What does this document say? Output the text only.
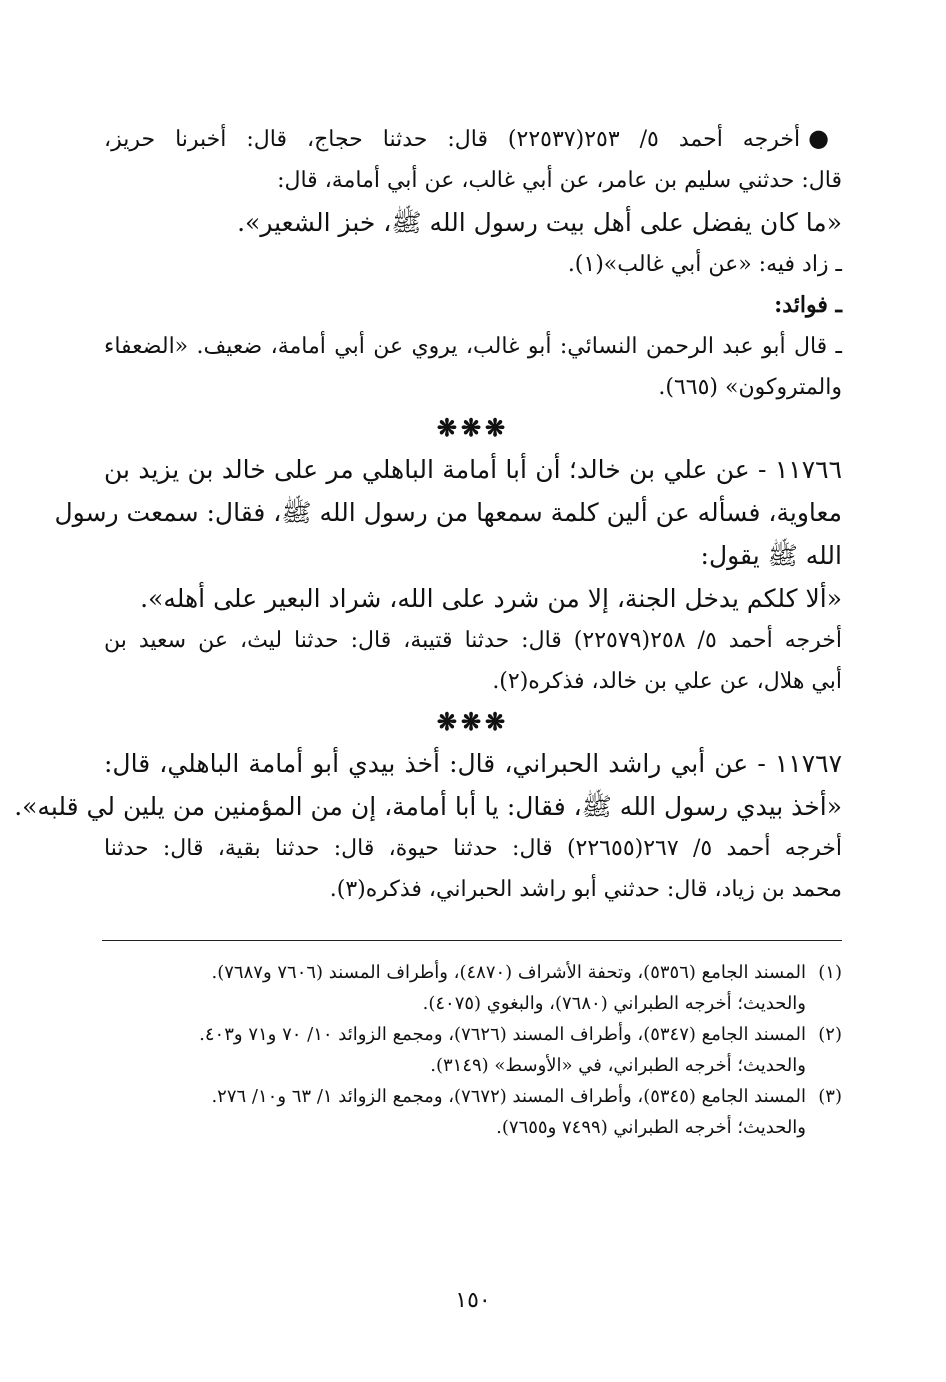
●أخرجه أحمد ٥/ ٢٥٣(٢٢٥٣٧) قال: حدثنا حجاج، قال: أخبرنا حريز،
قال: حدثني سليم بن عامر، عن أبي غالب، عن أبي أمامة، قال:
«ما كان يفضل على أهل بيت رسول الله ﷺ، خبز الشعير».
ـ زاد فيه: «عن أبي غالب»(١).
ـ فوائد:
ـ قال أبو عبد الرحمن النسائي: أبو غالب، يروي عن أبي أمامة، ضعيف. «الضعفاء
والمتروكون» (٦٦٥).
❋❋❋
١١٧٦٦ - عن علي بن خالد؛ أن أبا أمامة الباهلي مر على خالد بن يزيد بن
معاوية، فسأله عن ألين كلمة سمعها من رسول الله ﷺ، فقال: سمعت رسول
الله ﷺ يقول:
«ألا كلكم يدخل الجنة، إلا من شرد على الله، شراد البعير على أهله».
أخرجه أحمد ٥/ ٢٥٨(٢٢٥٧٩) قال: حدثنا قتيبة، قال: حدثنا ليث، عن سعيد بن
أبي هلال، عن علي بن خالد، فذكره(٢).
❋❋❋
١١٧٦٧ - عن أبي راشد الحبراني، قال: أخذ بيدي أبو أمامة الباهلي، قال:
«أخذ بيدي رسول الله ﷺ، فقال: يا أبا أمامة، إن من المؤمنين من يلين لي قلبه».
أخرجه أحمد ٥/ ٢٦٧(٢٢٦٥٥) قال: حدثنا حيوة، قال: حدثنا بقية، قال: حدثنا
محمد بن زياد، قال: حدثني أبو راشد الحبراني، فذكره(٣).
(١)المسند الجامع (٥٣٥٦)، وتحفة الأشراف (٤٨٧٠)، وأطراف المسند (٧٦٠٦ و٧٦٨٧).
والحديث؛ أخرجه الطبراني (٧٦٨٠)، والبغوي (٤٠٧٥).
(٢)المسند الجامع (٥٣٤٧)، وأطراف المسند (٧٦٢٦)، ومجمع الزوائد ١٠/ ٧٠ و٧١ و٤٠٣.
والحديث؛ أخرجه الطبراني، في «الأوسط» (٣١٤٩).
(٣)المسند الجامع (٥٣٤٥)، وأطراف المسند (٧٦٧٢)، ومجمع الزوائد ١/ ٦٣ و١٠/ ٢٧٦.
والحديث؛ أخرجه الطبراني (٧٤٩٩ و٧٦٥٥).
١٥٠
